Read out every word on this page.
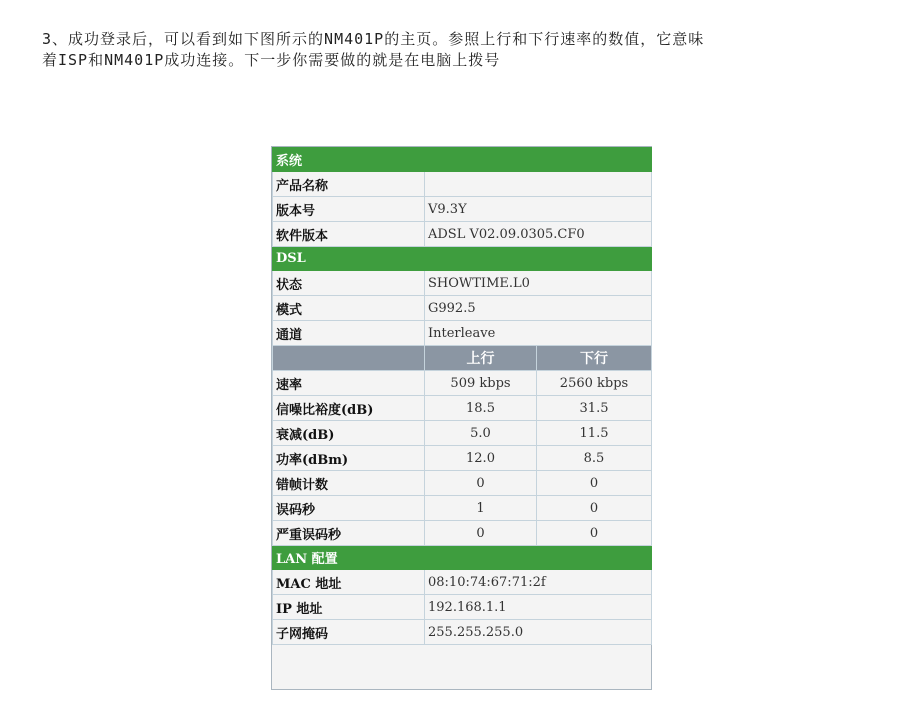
3、成功登录后，可以看到如下图所示的NM401P的主页。参照上行和下行速率的数值，它意味
着ISP和NM401P成功连接。下一步你需要做的就是在电脑上拨号

系统		
产品名称		
版本号	V9.3Y	
软件版本	ADSL V02.09.0305.CF0	
DSL		
状态	SHOWTIME.L0	
模式	G992.5	
通道	Interleave	
	上行	下行
速率	509 kbps	2560 kbps
信噪比裕度(dB)	18.5	31.5
衰减(dB)	5.0	11.5
功率(dBm)	12.0	8.5
错帧计数	0	0
误码秒	1	0
严重误码秒	0	0
LAN 配置		
MAC 地址	08:10:74:67:71:2f	
IP 地址	192.168.1.1	
子网掩码	255.255.255.0	
